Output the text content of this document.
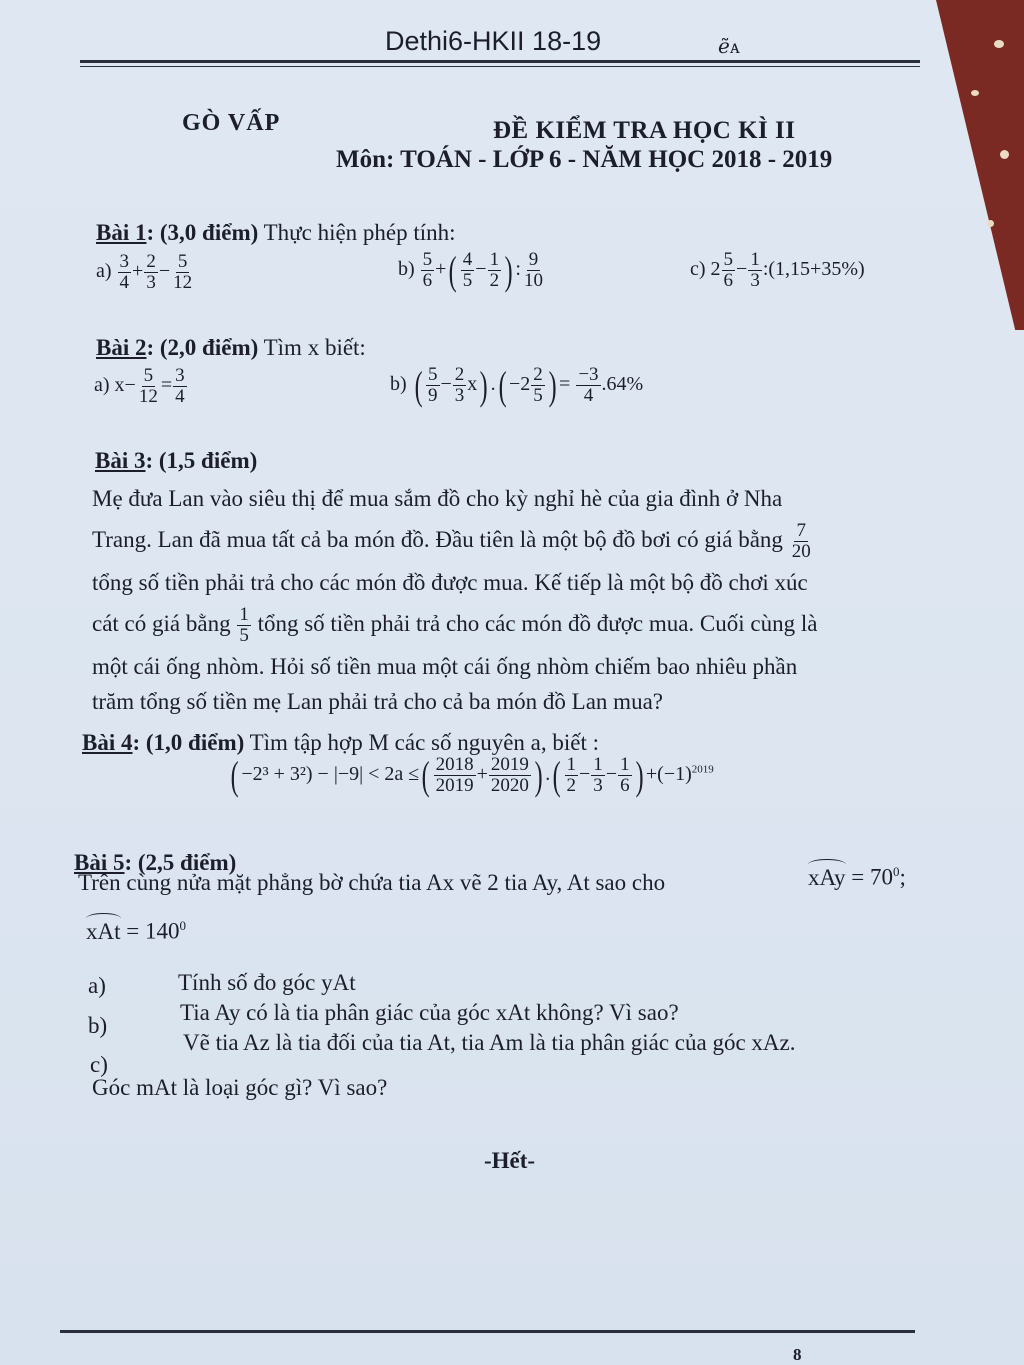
Dethi6-HKII 18-19	ℯ̃ᴀ
GÒ VẤP	ĐỀ KIỂM TRA HỌC KÌ II
Môn: TOÁN - LỚP 6 - NĂM HỌC 2018 - 2019
Bài 1: (3,0 điểm) Thực hiện phép tính:
$a) \frac{3}{4} + \frac{2}{3} - \frac{5}{12}$	$b) \frac{5}{6}$ +( $\frac{4}{5} - \frac{1}{2}$ ) : $\frac{9}{10}$	c) $2 \frac{5}{6} - \frac{1}{3}$ :(1,15+35%)
Bài 2: (2,0 điểm) Tìm x biết:
a) $x- \frac{5}{12} = \frac{3}{4}$	b) ( $\frac{5}{9} - \frac{2}{3} x$) .( $-2 \frac{2}{5}$ ) = $\frac{-3}{4} .64\%$
Bài 3: (1,5 điểm)
Mẹ đưa Lan vào siêu thị để mua sắm đồ cho kỳ nghỉ hè của gia đình ở Nha
Trang. Lan đã mua tất cả ba món đồ. Đầu tiên là một bộ đồ bơi có giá bằng $\frac{7}{20}$
tổng số tiền phải trả cho các món đồ được mua. Kế tiếp là một bộ đồ chơi xúc
cát có giá bằng $\frac{1}{5}$ tổng số tiền phải trả cho các món đồ được mua. Cuối cùng là
một cái ống nhòm. Hỏi số tiền mua một cái ống nhòm chiếm bao nhiêu phần
trăm tổng số tiền mẹ Lan phải trả cho cả ba món đồ Lan mua?
Bài 4: (1,0 điểm) Tìm tập hợp M các số nguyên a, biết :
( −2³ + 3²) − |−9| < 2a ≤( $\frac{2018}{2019} + \frac{2019}{2020}$ ) .( $\frac{1}{2} - \frac{1}{3} - \frac{1}{6}$ ) $+(-1)^{2019}$
Bài 5: (2,5 điểm)
Trên cùng nửa mặt phẳng bờ chứa tia Ax vẽ 2 tia Ay, At sao cho	xAy = $70^0$;
xAt = $140^0$
a)	Tính số đo góc yAt
b)
Tia Ay có là tia phân giác của góc xAt không? Vì sao?
c)
Vẽ tia Az là tia đối của tia At, tia Am là tia phân giác của góc xAz.
Góc mAt là loại góc gì? Vì sao?
-Hết-
8
